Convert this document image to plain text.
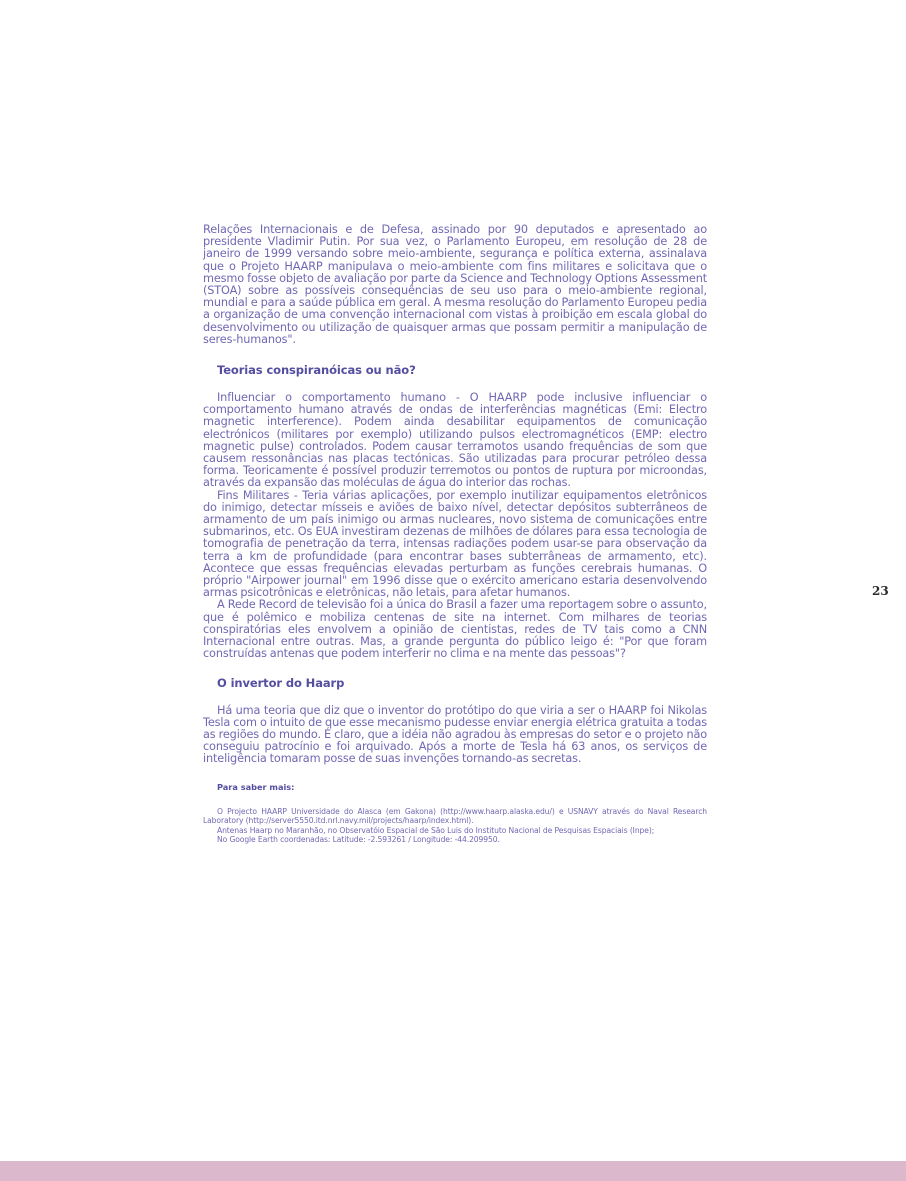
Relações Internacionais e de Defesa, assinado por 90 deputados e apresentado ao presidente Vladimir Putin. Por sua vez, o Parlamento Europeu, em resolução de 28 de janeiro de 1999 versando sobre meio-ambiente, segurança e política externa, assinalava que o Projeto HAARP manipulava o meio-ambiente com fins militares e solicitava que o mesmo fosse objeto de avaliação por parte da Science and Technology Options Assessment (STOA) sobre as possíveis consequências de seu uso para o meio-ambiente regional, mundial e para a saúde pública em geral. A mesma resolução do Parlamento Europeu pedia a organização de uma convenção internacional com vistas à proibição em escala global do desenvolvimento ou utilização de quaisquer armas que possam permitir a manipulação de seres-humanos".

Teorias conspiranóicas ou não?

Influenciar o comportamento humano - O HAARP pode inclusive influenciar o comportamento humano através de ondas de interferências magnéticas (Emi: Electro magnetic interference). Podem ainda desabilitar equipamentos de comunicação electrónicos (militares por exemplo) utilizando pulsos electromagnéticos (EMP: electro magnetic pulse) controlados. Podem causar terramotos usando frequências de som que causem ressonâncias nas placas tectónicas. São utilizadas para procurar petróleo dessa forma. Teoricamente é possível produzir terremotos ou pontos de ruptura por microondas, através da expansão das moléculas de água do interior das rochas.

Fins Militares - Teria várias aplicações, por exemplo inutilizar equipamentos eletrônicos do inimigo, detectar mísseis e aviões de baixo nível, detectar depósitos subterrâneos de armamento de um país inimigo ou armas nucleares, novo sistema de comunicações entre submarinos, etc. Os EUA investiram dezenas de milhões de dólares para essa tecnologia de tomografia de penetração da terra, intensas radiações podem usar-se para observação da terra a km de profundidade (para encontrar bases subterrâneas de armamento, etc). Acontece que essas frequências elevadas perturbam as funções cerebrais humanas. O próprio "Airpower journal" em 1996 disse que o exército americano estaria desenvolvendo armas psicotrônicas e eletrônicas, não letais, para afetar humanos.

A Rede Record de televisão foi a única do Brasil a fazer uma reportagem sobre o assunto, que é polêmico e mobiliza centenas de site na internet. Com milhares de teorias conspiratórias eles envolvem a opinião de cientistas, redes de TV tais como a CNN Internacional entre outras. Mas, a grande pergunta do público leigo é: "Por que foram construídas antenas que podem interferir no clima e na mente das pessoas"?

O invertor do Haarp

Há uma teoria que diz que o inventor do protótipo do que viria a ser o HAARP foi Nikolas Tesla com o intuito de que esse mecanismo pudesse enviar energia elétrica gratuita a todas as regiões do mundo. É claro, que a idéia não agradou às empresas do setor e o projeto não conseguiu patrocínio e foi arquivado. Após a morte de Tesla há 63 anos, os serviços de inteligência tomaram posse de suas invenções tornando-as secretas.

Para saber mais:

O Projecto HAARP Universidade do Alasca (em Gakona) (http://www.haarp.alaska.edu/) e USNAVY através do Naval Research Laboratory (http://server5550.itd.nrl.navy.mil/projects/haarp/index.html).

Antenas Haarp no Maranhão, no Observatóio Espacial de São Luis do Instituto Nacional de Pesquisas Espaciais (Inpe);

No Google Earth coordenadas: Latitude: -2.593261 / Longitude: -44.209950.

23
